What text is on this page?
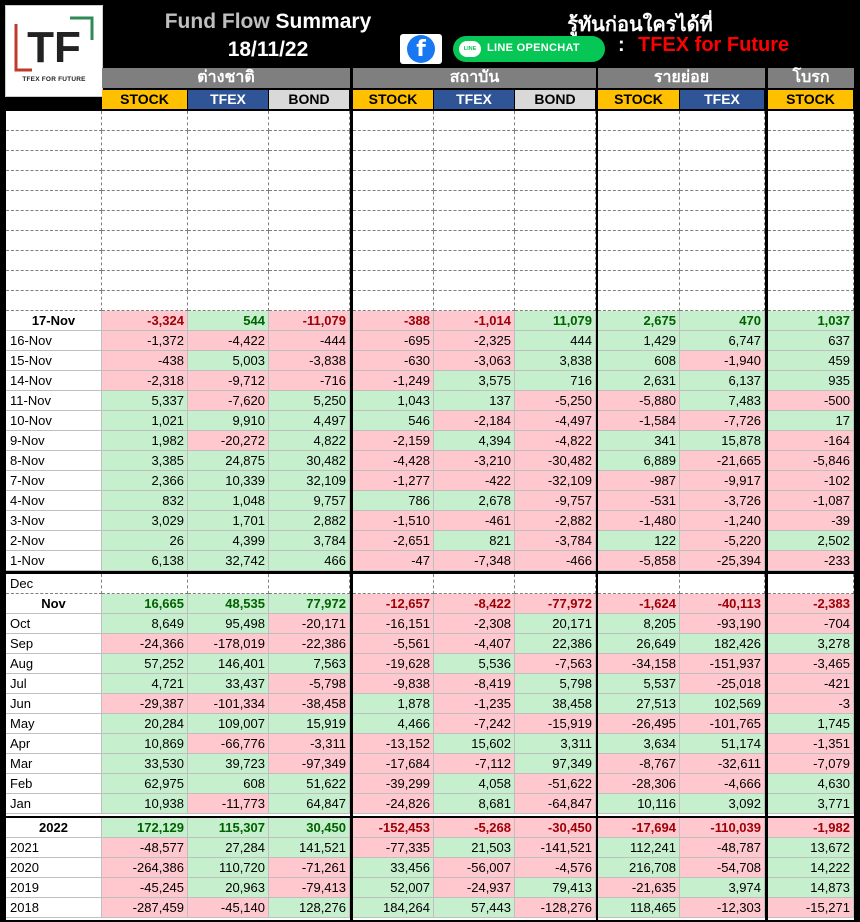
Fund Flow Summary
18/11/22
รู้ทันก่อนใครได้ที่
f	LINE LINE OPENCHAT : TFEX for Future
TF
TFEX FOR FUTURE	ต่างชาติ	สถาบัน	รายย่อย	โบรก
STOCK	TFEX	BOND	STOCK	TFEX	BOND	STOCK	TFEX	STOCK
17-Nov	-3,324	544	-11,079	-388	-1,014	11,079	2,675	470	1,037
16-Nov	-1,372	-4,422	-444	-695	-2,325	444	1,429	6,747	637
15-Nov	-438	5,003	-3,838	-630	-3,063	3,838	608	-1,940	459
14-Nov	-2,318	-9,712	-716	-1,249	3,575	716	2,631	6,137	935
11-Nov	5,337	-7,620	5,250	1,043	137	-5,250	-5,880	7,483	-500
10-Nov	1,021	9,910	4,497	546	-2,184	-4,497	-1,584	-7,726	17
9-Nov	1,982	-20,272	4,822	-2,159	4,394	-4,822	341	15,878	-164
8-Nov	3,385	24,875	30,482	-4,428	-3,210	-30,482	6,889	-21,665	-5,846
7-Nov	2,366	10,339	32,109	-1,277	-422	-32,109	-987	-9,917	-102
4-Nov	832	1,048	9,757	786	2,678	-9,757	-531	-3,726	-1,087
3-Nov	3,029	1,701	2,882	-1,510	-461	-2,882	-1,480	-1,240	-39
2-Nov	26	4,399	3,784	-2,651	821	-3,784	122	-5,220	2,502
1-Nov	6,138	32,742	466	-47	-7,348	-466	-5,858	-25,394	-233
Dec
Nov	16,665	48,535	77,972	-12,657	-8,422	-77,972	-1,624	-40,113	-2,383
Oct	8,649	95,498	-20,171	-16,151	-2,308	20,171	8,205	-93,190	-704
Sep	-24,366	-178,019	-22,386	-5,561	-4,407	22,386	26,649	182,426	3,278
Aug	57,252	146,401	7,563	-19,628	5,536	-7,563	-34,158	-151,937	-3,465
Jul	4,721	33,437	-5,798	-9,838	-8,419	5,798	5,537	-25,018	-421
Jun	-29,387	-101,334	-38,458	1,878	-1,235	38,458	27,513	102,569	-3
May	20,284	109,007	15,919	4,466	-7,242	-15,919	-26,495	-101,765	1,745
Apr	10,869	-66,776	-3,311	-13,152	15,602	3,311	3,634	51,174	-1,351
Mar	33,530	39,723	-97,349	-17,684	-7,112	97,349	-8,767	-32,611	-7,079
Feb	62,975	608	51,622	-39,299	4,058	-51,622	-28,306	-4,666	4,630
Jan	10,938	-11,773	64,847	-24,826	8,681	-64,847	10,116	3,092	3,771
2022	172,129	115,307	30,450	-152,453	-5,268	-30,450	-17,694	-110,039	-1,982
2021	-48,577	27,284	141,521	-77,335	21,503	-141,521	112,241	-48,787	13,672
2020	-264,386	110,720	-71,261	33,456	-56,007	-4,576	216,708	-54,708	14,222
2019	-45,245	20,963	-79,413	52,007	-24,937	79,413	-21,635	3,974	14,873
2018	-287,459	-45,140	128,276	184,264	57,443	-128,276	118,465	-12,303	-15,271
